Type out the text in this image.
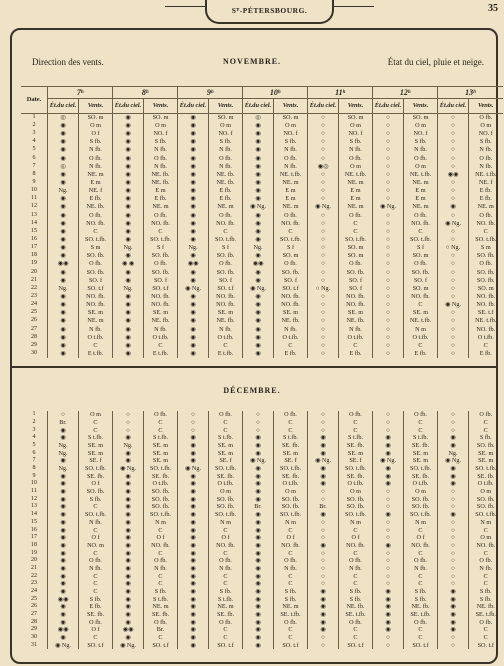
Sᵀ-PÉTERSBOURG.	35
Direction des vents.	État du ciel, pluie et neige.
NOVEMBRE.
Date.	7ʰ		8ʰ		9ʰ		10ʰ		11ʰ		12ʰ		13ʰ	
	Ét.du ciel.	Vents.	Ét.du ciel.	Vents.	Ét.du ciel.	Vents.	Ét.du ciel.	Vents.	Ét.du ciel.	Vents.	Ét.du ciel.	Vents.	Ét.du ciel.	Vents.
1	◎	SO. m	◉	SO. m	◉	SO. m	◎	SO. m	○	SO. m	○	SO. m	○	O fb.
2	◉	O m	◉	O m	◉	O m	◉	O m	○	O m	○	O m	○	O m
3	◉	O f	◉	NO. f	◉	NO. f	◉	NO. f	○	NO. f	○	NO. f	○	NO. f
4	◉	S fb.	◉	S fb.	◉	S fb.	◉	S fb.	○	S fb.	○	S fb.	○	S fb.
5	◉	N fb.	◉	N fb.	◉	N fb.	◉	N fb.	○	N fb.	○	N fb.	○	N fb.
6	◉	O fb.	◉	O fb.	◉	O fb.	◉	O fb.	○	O fb.	○	O fb.	○	O fb.
7	◎	N fb.	◉	N fb.	◉	N fb.	◉	N fb.	◉◎	O m	○	O m	○	N fb.
8	◉	NE. m	◉	NE. fb.	◉	NE. fb.	◉	NE. t.fb.	○	NE. t.fb.	○	NE. t.fb.	◉◉	NE. t.fb.
9	◉	E m	◉	NE. fb.	◉	NE. fb.	◉	NE. m	○	NE. m	○	NE. m	○	NE. f
10	Ng.	NE. f	◉	E m	◉	E fb.	◉	E m	○	E m	○	E m	○	E fb.
11	◉	E fb.	◉	E fb.	◉	E fb.	◉	E m	○	E m	○	E m	○	E fb.
12	◉	NE. fb.	◉	NE. m	◉	NE. m	◉ Ng.	NE. m	◉ Ng.	NE. m	◉ Ng.	NE. m	◉	NE. m
13	◉	O fb.	◉	O fb.	◉	O fb.	◉	O fb.	○	O fb.	○	O fb.	○	O fb.
14	◉	NO. fb.	◉	NO. fb.	◉	NO. fb.	◉	NO. fb.	○	C	○	NO. fb.	◉ Ng.	NO. fb.
15	◉	C	◉	C	◉	C	◉	C	○	C	○	C	○	C
16	◉	SO. t.fb.	◉	SO. t.fb.	◉	SO. t.fb.	◉	SO. t.fb.	○	SO. t.fb.	○	SO. t.fb.	○	SO. t.fb.
17	◉	S m	Ng.	S f	Ng.	S f	Ng.	S f	○	SO. m	○	S f	○ Ng.	S m
18	◉	SO. fb.	◉	SO. fb.	◉	SO. fb.	◉	SO. m	○	SO. m	○	SO. m	○	SO. fb.
19	◉◉	O fb.	◉ ◉	O fb.	◉◉	O fb.	◉◉	O fb.	○	O fb.	○	O fb.	○	O fb.
20	◉	SO. fb.	◉	SO. fb.	◉	SO. fb.	◉	SO. fb.	○	SO. fb.	○	SO. fb.	○	SO. fb.
21	◉	SO. f	◉	SO. f	◉	SO. f	◉	SO. f	○	SO. f	○	SO. f	○	SO. fb.
22	Ng.	SO. t.f	Ng.	SO. t.f	◉ Ng.	SO. t.f	◉ Ng.	SO. t.f	○ Ng.	SO. f	○	SO. m	○	SO. m
23	◉	NO. fb.	◉	NO. fb.	◉	NO. fb.	◉	NO. fb.	○	NO. fb.	○	NO. fb.	○	NO. fb.
24	◉	NO. fb.	◉	NO. fb.	◉	NO. fb.	◉	NO. fb.	○	NO. fb.	○	C	◉ Ng.	NO. fb.
25	◉	SE. m	◉	SE. m	◉	SE. m	◉	SE. m	○	SE. m	○	SE. m	○	SE. t.f
26	◉	NE. m	◉	NE. fb.	◉	NE. fb.	◉	NE. fb.	○	NE. fb.	○	NE. t.fb.	○	NE. t.fb.
27	◉	N fb.	◉	N fb.	◉	N fb.	◉	N fb.	○	N fb.	○	N m	○	NO. fb.
28	◉	O t.fb.	◉	O t.fb.	◉	O t.fb.	◉	O t.fb.	○	O t.fb.	○	O t.fb.	○	O t.fb.
29	◉	C	◉	C	◉	C	◉	C	○	C	○	C	○	C
30	◉	E t.fb.	◉	E t.fb.	◉	E t.fb.	◉	E fb.	○	E fb.	○	E fb.	○	E fb.
DÉCEMBRE.
1	○	O m	○	O fb.	○	O fb.	○	O fb.	○	O fb.	○	O fb.	○	O fb.
2	Br.	C	○	C	○	C	○	C	○	C	○	C	○	C
3	◉	C	○	C	○	C	○	C	○	C	○	C	○	C
4	◉	S t.fb.	◉	S t.fb.	◉	S t.fb.	◉	S t.fb.	◉	S t.fb.	◉	S t.fb.	◉	S fb.
5	Ng.	SE. m	Ng.	SE. m	◉	SE. m	◉	SE. fb.	◉	SE. fb.	◉	SE. fb.	◉	SO. fb.
6	Ng.	SE. m	◉	SE. m	◉	SE. m	◉	SE. m	◉	SE. m	◉	SE. m	Ng.	SE. m
7	◉	SE. f	◉	SE. m	◉	SE. f	◉ Ng.	SE. f	◉ Ng.	SE. f	◉ Ng.	SE. m	◉ Ng.	SE. m
8	Ng.	SO. t.fb.	◉ Ng.	SO. t.fb.	◉ Ng.	SO. t.fb.	◉	SO. t.fb.	◉	SO. t.fb.	◉	SO. t.fb.	◉	SO. t.fb.
9	◉	SE. fb.	◉	SE. fb.	◉	SE. fb.	◉	SE. fb.	◉	SE. fb.	◉	SE. fb.	◉	SE. fb.
10	◉	O f	◉	O t.fb.	◉	O t.fb.	◉	O t.fb.	◉	O t.fb.	◉	O t.fb.	◉	O t.fb.
11	◉	SO. fb.	◉	SO. fb.	◉	O m	◉	O m	○	O m	○	O m	○	O m
12	◉	S fb.	◉	SO. fb.	◉	SO. fb.	◉	SO. fb.	○	SO. fb.	○	SO. fb.	○	SO. fb.
13	◉	C	◉	SO. fb.	◉	SO. fb.	Br.	SO. fb.	Br.	SO. fb.	○	SO. fb.	○	SO. fb.
14	◉	SO. t.fb.	◉	SO. t.fb.	◉	SO. t.fb.	◉	SO. t.fb.	◉	SO. t.fb.	◉	SO. t.fb.	◉	SO. t.fb.
15	◉	N fb.	◉	N m	◉	N m	◉	N m	○	N m	○	N m	○	N m
16	◉	C	◉	C	◉	C	◉	C	○	C	○	C	○	C
17	◉	O f	◉	O f	◉	O f	◉	O f	○	O f	○	O f	○	O m
18	◉	NO. m	◉	NO. fb.	◉	NO. fb.	◉	NO. fb.	◉	NO. fb.	◉	NO. fb.	○	NO. fb.
19	◉	C	◉	C	◉	C	◉	C	○	C	○	C	○	C
20	◉	O fb.	◉	O fb.	◉	O fb.	◉	O fb.	○	O fb.	○	O fb.	○	O fb.
21	◉	N fb.	◉	N fb.	◉	N fb.	◉	N fb.	○	N fb.	○	N fb.	○	N fb.
22	◉	C	◉	C	◉	C	◉	C	○	C	○	C	○	C
23	◉	C	◉	C	◉	C	◉	C	○	C	○	C	○	C
24	◉	C	◉	S fb.	◉	S fb.	◉	S fb.	◉	S fb.	◉	S fb.	◉	S fb.
25	◉◉	S fb.	◉	S t.fb.	◉	S t.fb.	◉	S fb.	◉	S fb.	◉	S fb.	◉	S fb.
26	◉	E fb.	◉	NE. m	◉	NE. m	◉	NE. m	◉	NE. fb.	◉	NE. fb.	◉	NE. fb.
27	◉	SE. fb.	◉	SE. fb.	◉	SE. fb.	◉	SE. t.fb.	◉	SE. t.fb.	◉	SE. t.fb.	◉	SE. t.fb.
28	◉	O fb.	◉	O fb.	◉	O fb.	◉	O fb.	◉	O fb.	◉	O fb.	◉	O fb.
29	◉◉	O f	◉◉	Br.	◉	C	◉	C	◉	C	◉	C	◉	C
30	◉	C	◉	C	◉	C	◉	C	○	C	○	C	○	C
31	◉ Ng.	SO. t.f	◉ Ng.	SO. t.f	◉	SO. t.f	◉	SO. t.f	○	SO. t.f	○	SO. t.f	○	SO. t.f
